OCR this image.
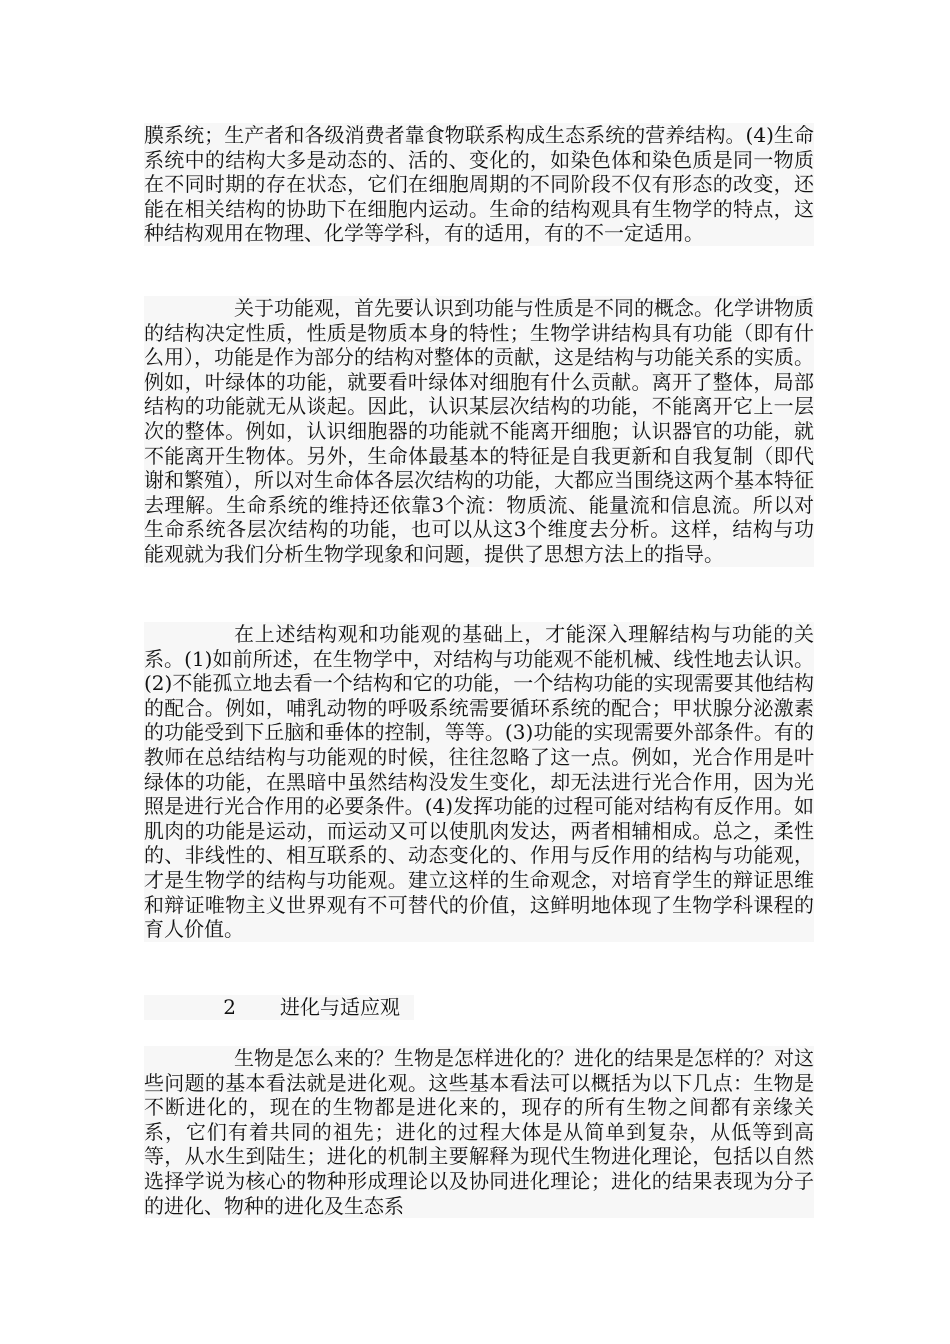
膜系统；生产者和各级消费者靠食物联系构成生态系统的营养结构。(4)生命系统中的结构大多是动态的、活的、变化的，如染色体和染色质是同一物质在不同时期的存在状态，它们在细胞周期的不同阶段不仅有形态的改变，还能在相关结构的协助下在细胞内运动。生命的结构观具有生物学的特点，这种结构观用在物理、化学等学科，有的适用，有的不一定适用。

关于功能观，首先要认识到功能与性质是不同的概念。化学讲物质的结构决定性质，性质是物质本身的特性；生物学讲结构具有功能（即有什么用），功能是作为部分的结构对整体的贡献，这是结构与功能关系的实质。例如，叶绿体的功能，就要看叶绿体对细胞有什么贡献。离开了整体，局部结构的功能就无从谈起。因此，认识某层次结构的功能，不能离开它上一层次的整体。例如，认识细胞器的功能就不能离开细胞；认识器官的功能，就不能离开生物体。另外，生命体最基本的特征是自我更新和自我复制（即代谢和繁殖），所以对生命体各层次结构的功能，大都应当围绕这两个基本特征去理解。生命系统的维持还依靠3个流：物质流、能量流和信息流。所以对生命系统各层次结构的功能，也可以从这3个维度去分析。这样，结构与功能观就为我们分析生物学现象和问题，提供了思想方法上的指导。

在上述结构观和功能观的基础上，才能深入理解结构与功能的关系。(1)如前所述，在生物学中，对结构与功能观不能机械、线性地去认识。(2)不能孤立地去看一个结构和它的功能，一个结构功能的实现需要其他结构的配合。例如，哺乳动物的呼吸系统需要循环系统的配合；甲状腺分泌激素的功能受到下丘脑和垂体的控制，等等。(3)功能的实现需要外部条件。有的教师在总结结构与功能观的时候，往往忽略了这一点。例如，光合作用是叶绿体的功能，在黑暗中虽然结构没发生变化，却无法进行光合作用，因为光照是进行光合作用的必要条件。(4)发挥功能的过程可能对结构有反作用。如肌肉的功能是运动，而运动又可以使肌肉发达，两者相辅相成。总之，柔性的、非线性的、相互联系的、动态变化的、作用与反作用的结构与功能观，才是生物学的结构与功能观。建立这样的生命观念，对培育学生的辩证思维和辩证唯物主义世界观有不可替代的价值，这鲜明地体现了生物学科课程的育人价值。

2	进化与适应观

生物是怎么来的？生物是怎样进化的？进化的结果是怎样的？对这些问题的基本看法就是进化观。这些基本看法可以概括为以下几点：生物是不断进化的，现在的生物都是进化来的，现存的所有生物之间都有亲缘关系，它们有着共同的祖先；进化的过程大体是从简单到复杂，从低等到高等，从水生到陆生；进化的机制主要解释为现代生物进化理论，包括以自然选择学说为核心的物种形成理论以及协同进化理论；进化的结果表现为分子的进化、物种的进化及生态系
